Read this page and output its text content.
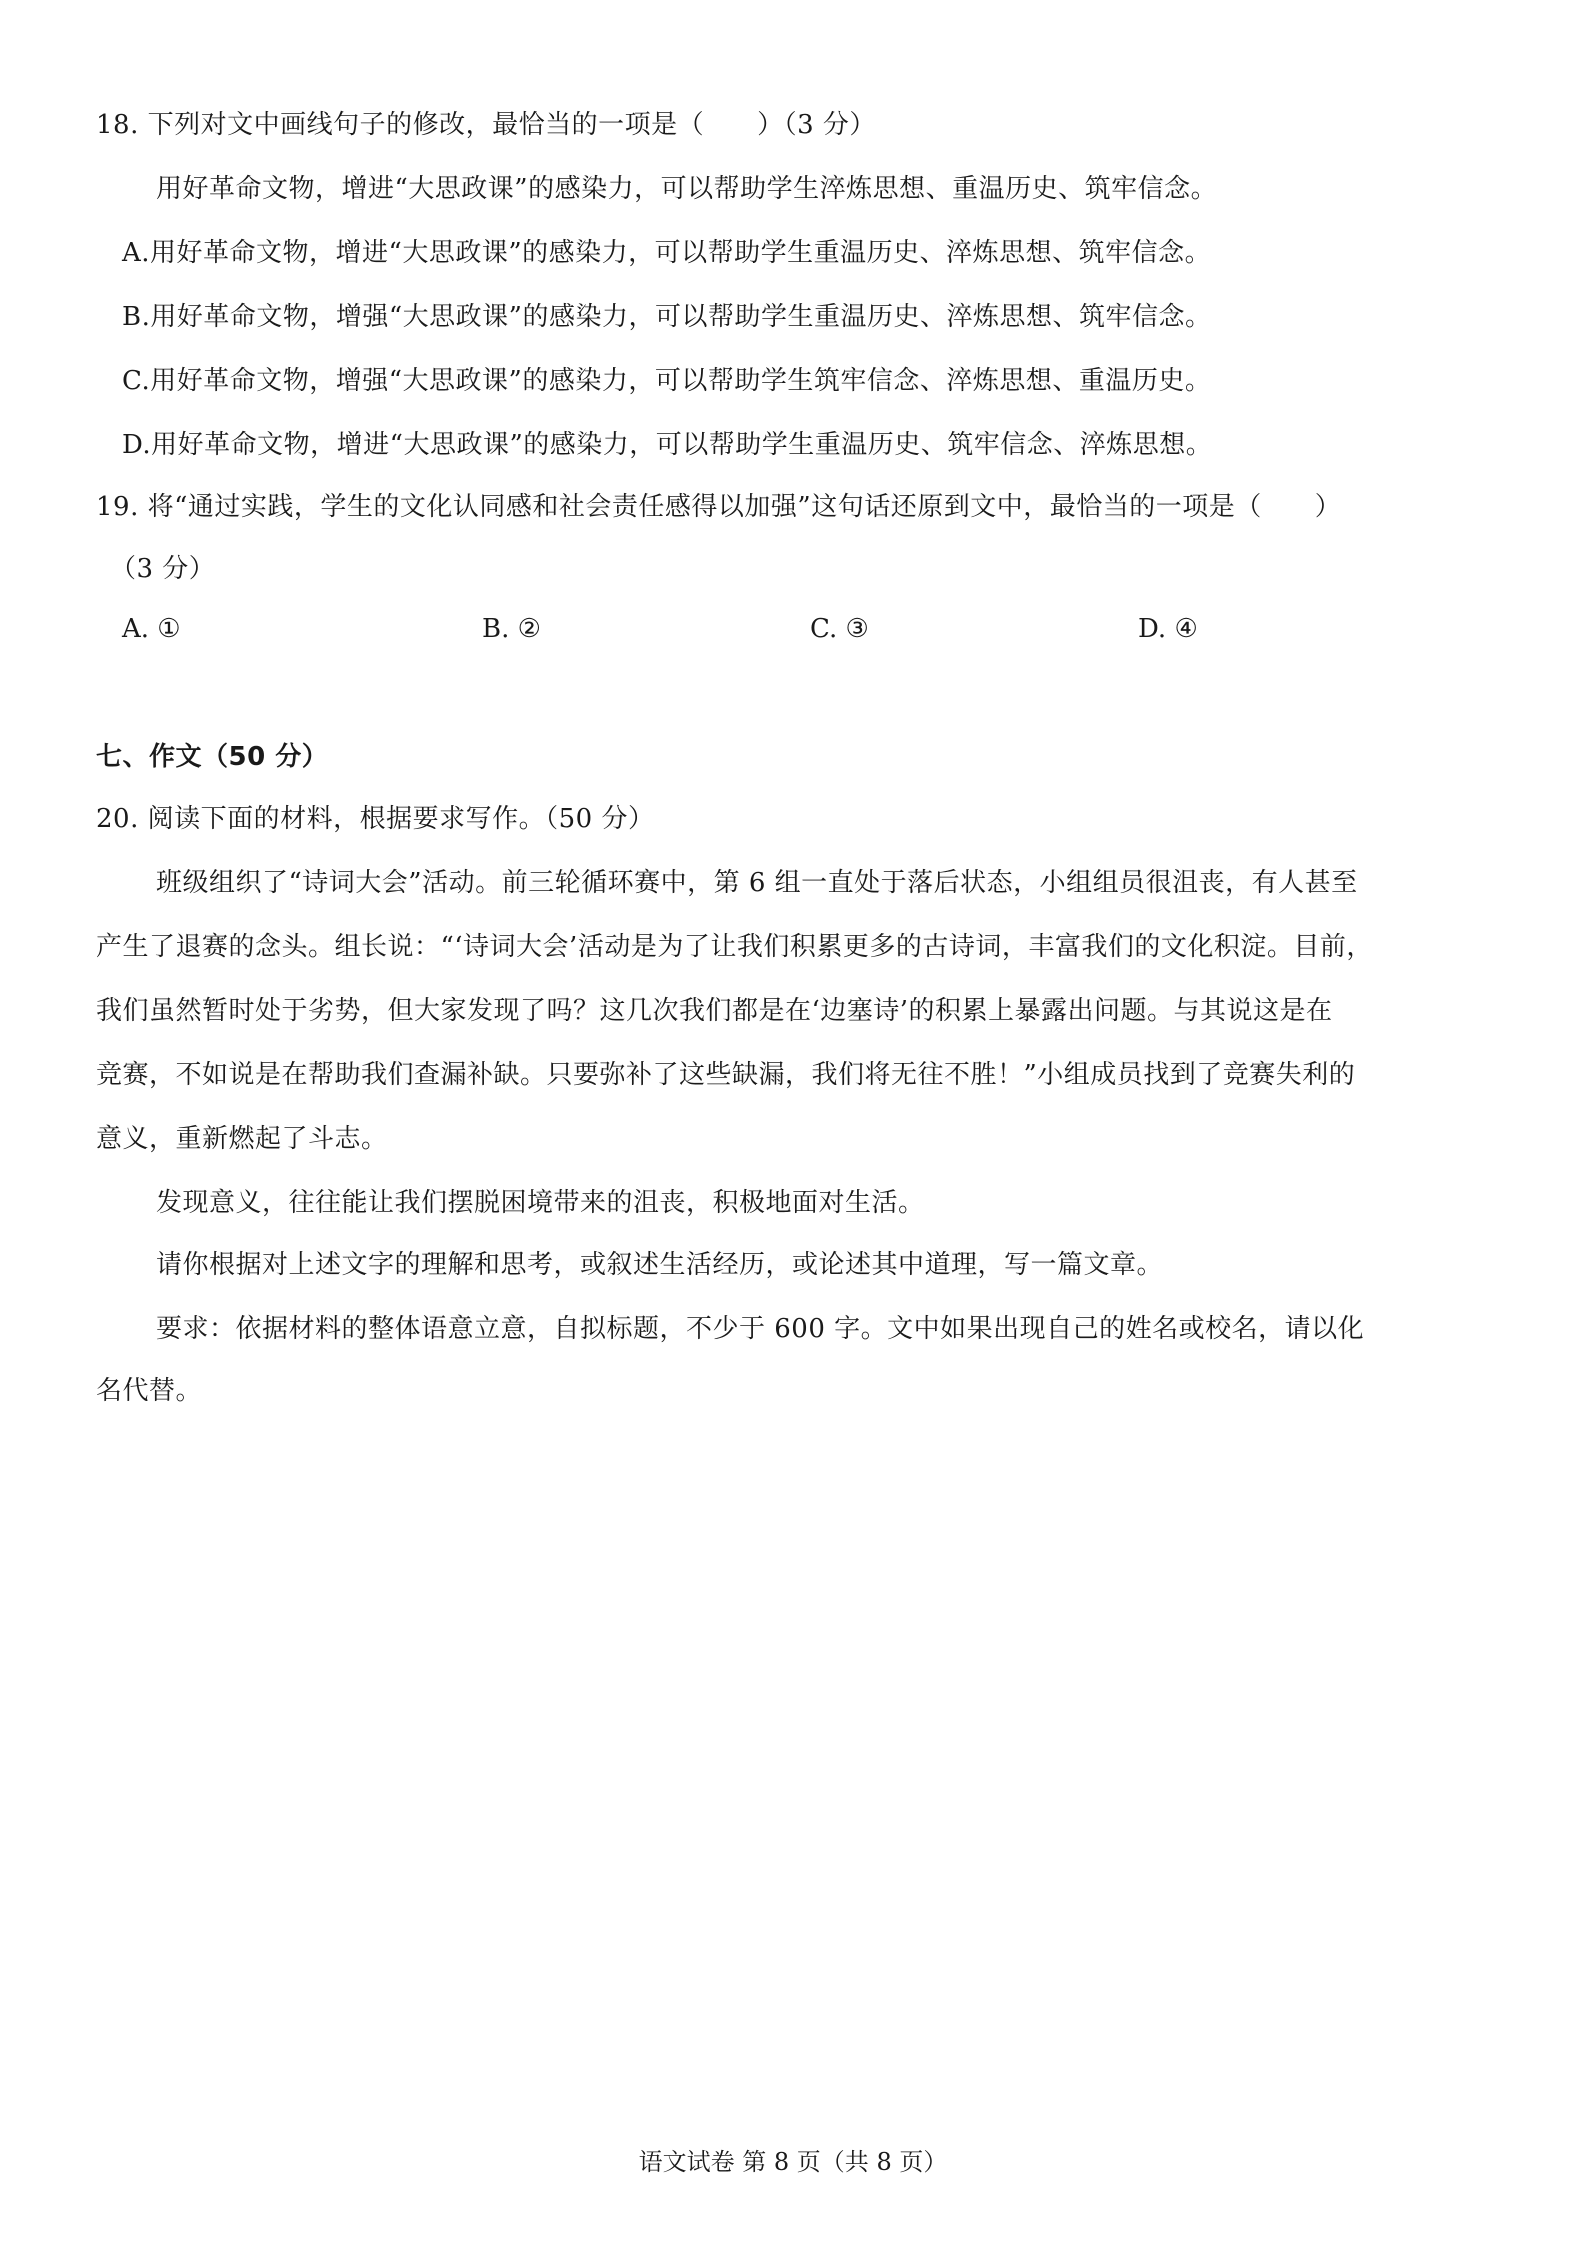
18. 下列对文中画线句子的修改，最恰当的一项是（　　）（3 分）
用好革命文物，增进“大思政课”的感染力，可以帮助学生淬炼思想、重温历史、筑牢信念。
A.用好革命文物，增进“大思政课”的感染力，可以帮助学生重温历史、淬炼思想、筑牢信念。
B.用好革命文物，增强“大思政课”的感染力，可以帮助学生重温历史、淬炼思想、筑牢信念。
C.用好革命文物，增强“大思政课”的感染力，可以帮助学生筑牢信念、淬炼思想、重温历史。
D.用好革命文物，增进“大思政课”的感染力，可以帮助学生重温历史、筑牢信念、淬炼思想。
19. 将“通过实践，学生的文化认同感和社会责任感得以加强”这句话还原到文中，最恰当的一项是（　　）
（3 分）
A. ①	B. ②	C. ③	D. ④
七、作文（50 分）
20. 阅读下面的材料，根据要求写作。（50 分）
班级组织了“诗词大会”活动。前三轮循环赛中，第 6 组一直处于落后状态，小组组员很沮丧，有人甚至
产生了退赛的念头。组长说：“‘诗词大会’活动是为了让我们积累更多的古诗词，丰富我们的文化积淀。目前，
我们虽然暂时处于劣势，但大家发现了吗？这几次我们都是在‘边塞诗’的积累上暴露出问题。与其说这是在
竞赛，不如说是在帮助我们查漏补缺。只要弥补了这些缺漏，我们将无往不胜！”小组成员找到了竞赛失利的
意义，重新燃起了斗志。
发现意义，往往能让我们摆脱困境带来的沮丧，积极地面对生活。
请你根据对上述文字的理解和思考，或叙述生活经历，或论述其中道理，写一篇文章。
要求：依据材料的整体语意立意，自拟标题，不少于 600 字。文中如果出现自己的姓名或校名，请以化
名代替。
语文试卷 第 8 页（共 8 页）
